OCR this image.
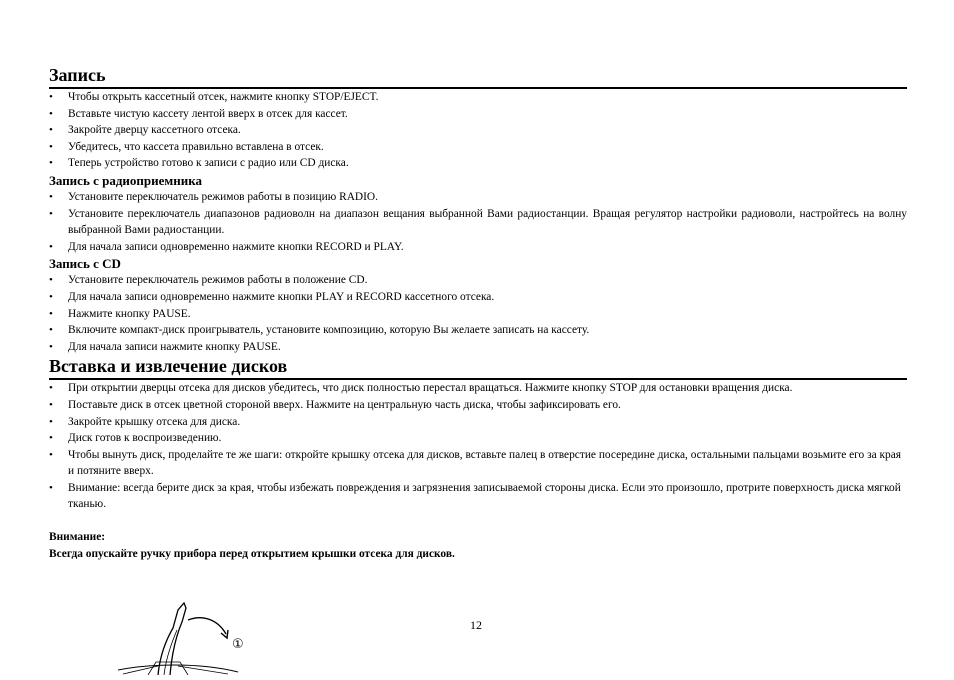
Запись
• Чтобы открыть кассетный отсек, нажмите кнопку STOP/EJECT.
• Вставьте чистую кассету лентой вверх в отсек для кассет.
• Закройте дверцу кассетного отсека.
• Убедитесь, что кассета правильно вставлена в отсек.
• Теперь устройство готово к записи с радио или CD диска.
Запись с радиоприемника
• Установите переключатель режимов работы в позицию RADIO.
• Установите переключатель диапазонов радиоволн на диапазон вещания выбранной Вами радиостанции. Вращая регулятор настройки радиоволи, настройтесь на волну выбранной Вами радиостанции.
• Для начала записи одновременно нажмите кнопки RECORD и PLAY.
Запись с CD
• Установите переключатель режимов работы в положение CD.
• Для начала записи одновременно нажмите кнопки PLAY и RECORD кассетного отсека.
• Нажмите кнопку PAUSE.
• Включите компакт-диск проигрыватель, установите композицию, которую Вы желаете записать на кассету.
• Для начала записи нажмите кнопку PAUSE.
Вставка и извлечение дисков
• При открытии дверцы отсека для дисков убедитесь, что диск полностью перестал вращаться. Нажмите кнопку STOP для остановки вращения диска.
• Поставьте диск в отсек цветной стороной вверх. Нажмите на центральную часть диска, чтобы зафиксировать его.
• Закройте крышку отсека для диска.
• Диск готов к воспроизведению.
• Чтобы вынуть диск, проделайте те же шаги: откройте крышку отсека для дисков, вставьте палец в отверстие посередине диска, остальными пальцами возьмите его за края и потяните вверх.
• Внимание: всегда берите диск за края, чтобы избежать повреждения и загрязнения записываемой стороны диска. Если это произошло, протрите поверхность диска мягкой тканью.

Внимание:

Всегда опускайте ручку прибора перед открытием крышки отсека для дисков.

①
12
